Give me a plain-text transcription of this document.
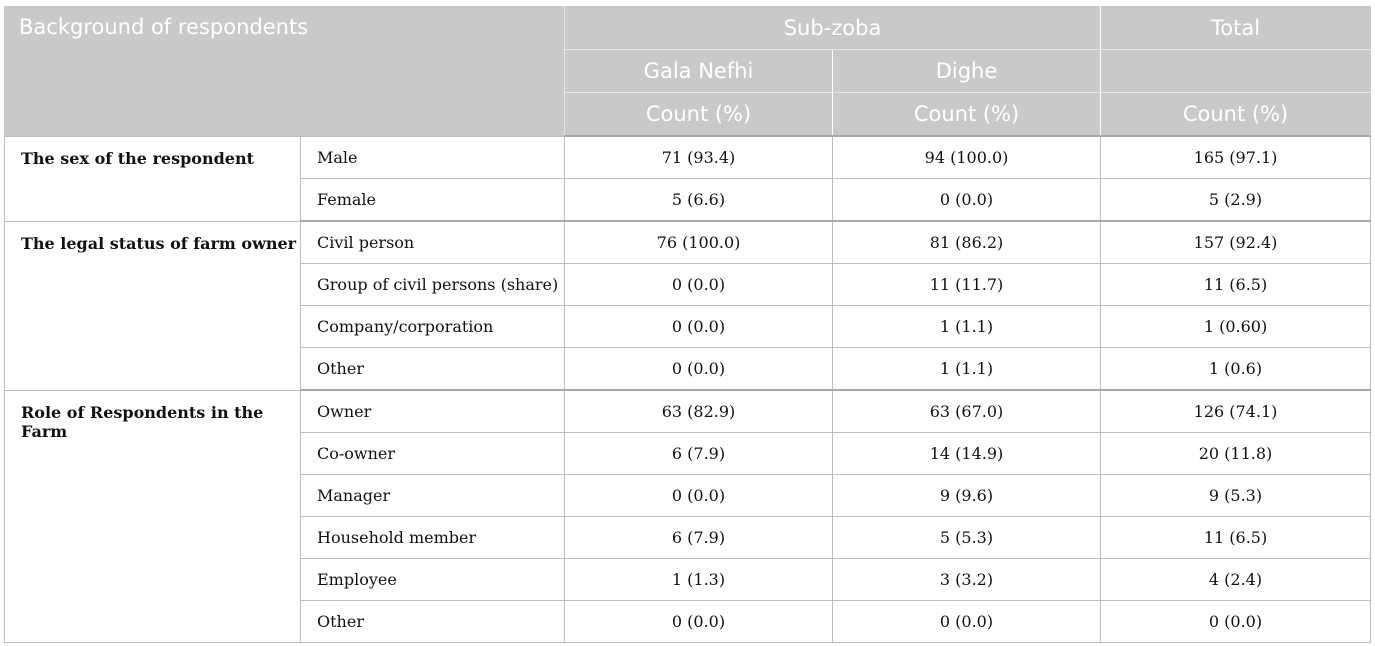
Background of respondents		Sub-zoba		Total
		Gala Nefhi	Dighe	
		Count (%)	Count (%)	Count (%)
The sex of the respondent	Male	71 (93.4)	94 (100.0)	165 (97.1)
	Female	5 (6.6)	0 (0.0)	5 (2.9)
The legal status of farm owner	Civil person	76 (100.0)	81 (86.2)	157 (92.4)
	Group of civil persons (share)	0 (0.0)	11 (11.7)	11 (6.5)
	Company/corporation	0 (0.0)	1 (1.1)	1 (0.60)
	Other	0 (0.0)	1 (1.1)	1 (0.6)
Role of Respondents in the Farm	Owner	63 (82.9)	63 (67.0)	126 (74.1)
	Co-owner	6 (7.9)	14 (14.9)	20 (11.8)
	Manager	0 (0.0)	9 (9.6)	9 (5.3)
	Household member	6 (7.9)	5 (5.3)	11 (6.5)
	Employee	1 (1.3)	3 (3.2)	4 (2.4)
	Other	0 (0.0)	0 (0.0)	0 (0.0)
